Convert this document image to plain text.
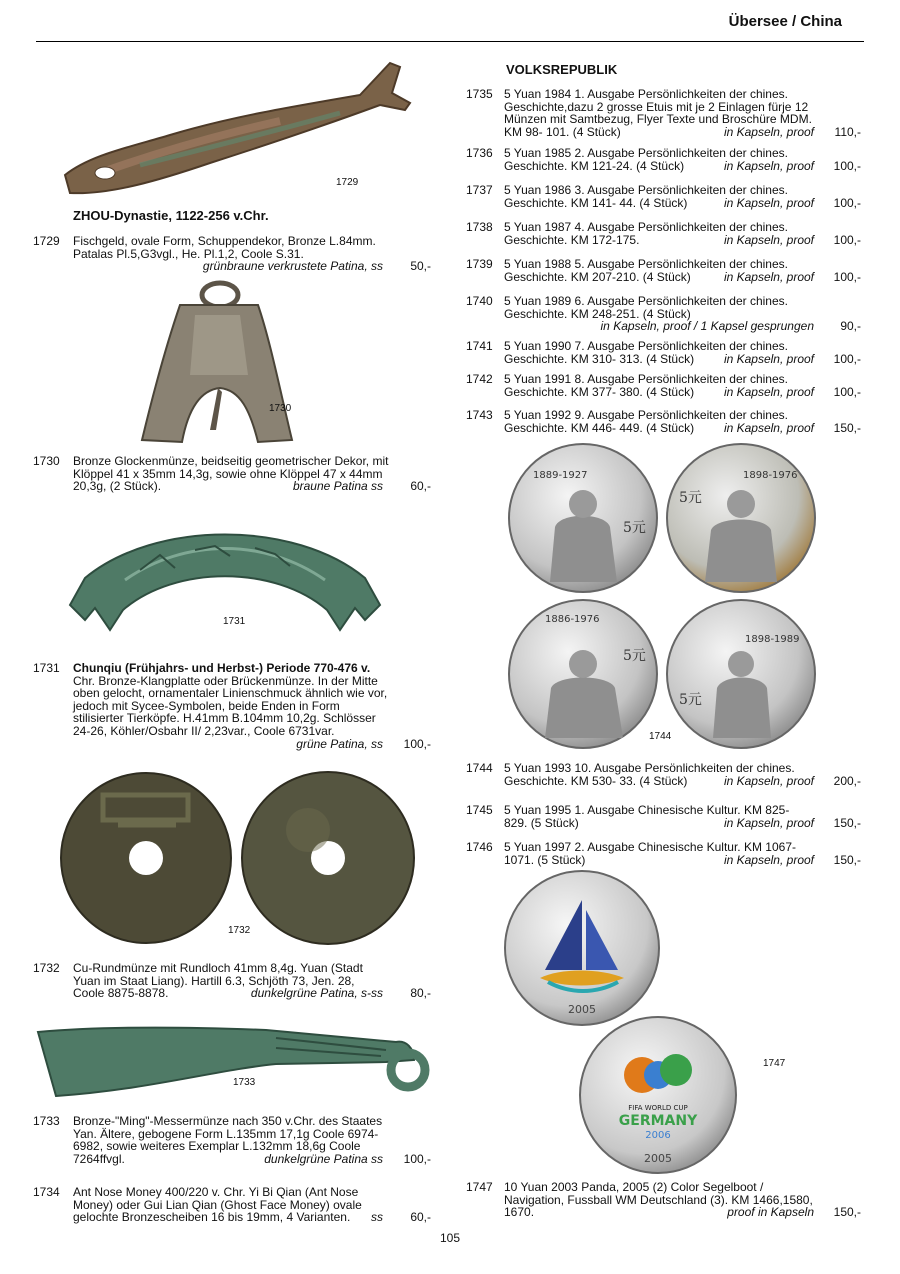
Übersee / China
1729
ZHOU-Dynastie, 1122-256 v.Chr.
1730
1731
1732
1733
1729 Fischgeld, ovale Form, Schuppendekor, Bronze L.84mm.
Patalas Pl.5,G3vgl., He. Pl.1,2, Coole S.31.
grünbraune verkrustete Patina, ss 50,-
1730 Bronze Glockenmünze, beidseitig geometrischer Dekor, mit
Klöppel 41 x 35mm 14,3g, sowie ohne Klöppel 47 x 44mm
20,3g, (2 Stück).	braune Patina ss 60,-
1731 Chunqiu (Frühjahrs- und Herbst-) Periode 770-476 v.
Chr. Bronze-Klangplatte oder Brückenmünze. In der Mitte
oben gelocht, ornamentaler Linienschmuck ähnlich wie vor,
jedoch mit Sycee-Symbolen, beide Enden in Form
stilisierter Tierköpfe. H.41mm B.104mm 10,2g. Schlösser
24-26, Köhler/Osbahr II/ 2,23var., Coole 6731var.
grüne Patina, ss 100,-
1732 Cu-Rundmünze mit Rundloch 41mm 8,4g. Yuan (Stadt
Yuan im Staat Liang). Hartill 6.3, Schjöth 73, Jen. 28,
Coole 8875-8878.	dunkelgrüne Patina, s-ss 80,-
1733 Bronze-"Ming"-Messermünze nach 350 v.Chr. des Staates
Yan. Ältere, gebogene Form L.135mm 17,1g Coole 6974-
6982, sowie weiteres Exemplar L.132mm 18,6g Coole
7264ffvgl.	dunkelgrüne Patina ss 100,-
1734 Ant Nose Money 400/220 v. Chr. Yi Bi Qian (Ant Nose
Money) oder Gui Lian Qian (Ghost Face Money) ovale
gelochte Bronzescheiben 16 bis 19mm, 4 Varianten. ss 60,-
VOLKSREPUBLIK
1735 5 Yuan 1984 1. Ausgabe Persönlichkeiten der chines.
Geschichte,dazu 2 grosse Etuis mit je 2 Einlagen fürje 12
Münzen mit Samtbezug, Flyer Texte und Broschüre MDM.
KM 98- 101. (4 Stück)	in Kapseln, proof 110,-
1736 5 Yuan 1985 2. Ausgabe Persönlichkeiten der chines.
Geschichte. KM 121-24. (4 Stück)	in Kapseln, proof 100,-
1737 5 Yuan 1986 3. Ausgabe Persönlichkeiten der chines.
Geschichte. KM 141- 44. (4 Stück)	in Kapseln, proof 100,-
1738 5 Yuan 1987 4. Ausgabe Persönlichkeiten der chines.
Geschichte. KM 172-175.	in Kapseln, proof 100,-
1739 5 Yuan 1988 5. Ausgabe Persönlichkeiten der chines.
Geschichte. KM 207-210. (4 Stück)	in Kapseln, proof 100,-
1740 5 Yuan 1989 6. Ausgabe Persönlichkeiten der chines.
Geschichte. KM 248-251. (4 Stück)
in Kapseln, proof / 1 Kapsel gesprungen 90,-
1741 5 Yuan 1990 7. Ausgabe Persönlichkeiten der chines.
Geschichte. KM 310- 313. (4 Stück) in Kapseln, proof 100,-
1742 5 Yuan 1991 8. Ausgabe Persönlichkeiten der chines.
Geschichte. KM 377- 380. (4 Stück) in Kapseln, proof 100,-
1743 5 Yuan 1992 9. Ausgabe Persönlichkeiten der chines.
Geschichte. KM 446- 449. (4 Stück) in Kapseln, proof 150,-
1889-1927
5元
1898-1976
5元
1886-1976
5元
1898-1989
5元
1744
1744 5 Yuan 1993 10. Ausgabe Persönlichkeiten der chines.
Geschichte. KM 530- 33. (4 Stück)	in Kapseln, proof 200,-
1745 5 Yuan 1995 1. Ausgabe Chinesische Kultur. KM 825-
829. (5 Stück)	in Kapseln, proof 150,-
1746 5 Yuan 1997 2. Ausgabe Chinesische Kultur. KM 1067-
1071. (5 Stück)	in Kapseln, proof 150,-
2005
FIFA WORLD CUP
GERMANY
2006
2005
1747
1747 10 Yuan 2003 Panda, 2005 (2) Color Segelboot /
Navigation, Fussball WM Deutschland (3). KM 1466,1580,
1670.	proof in Kapseln 150,-
105
